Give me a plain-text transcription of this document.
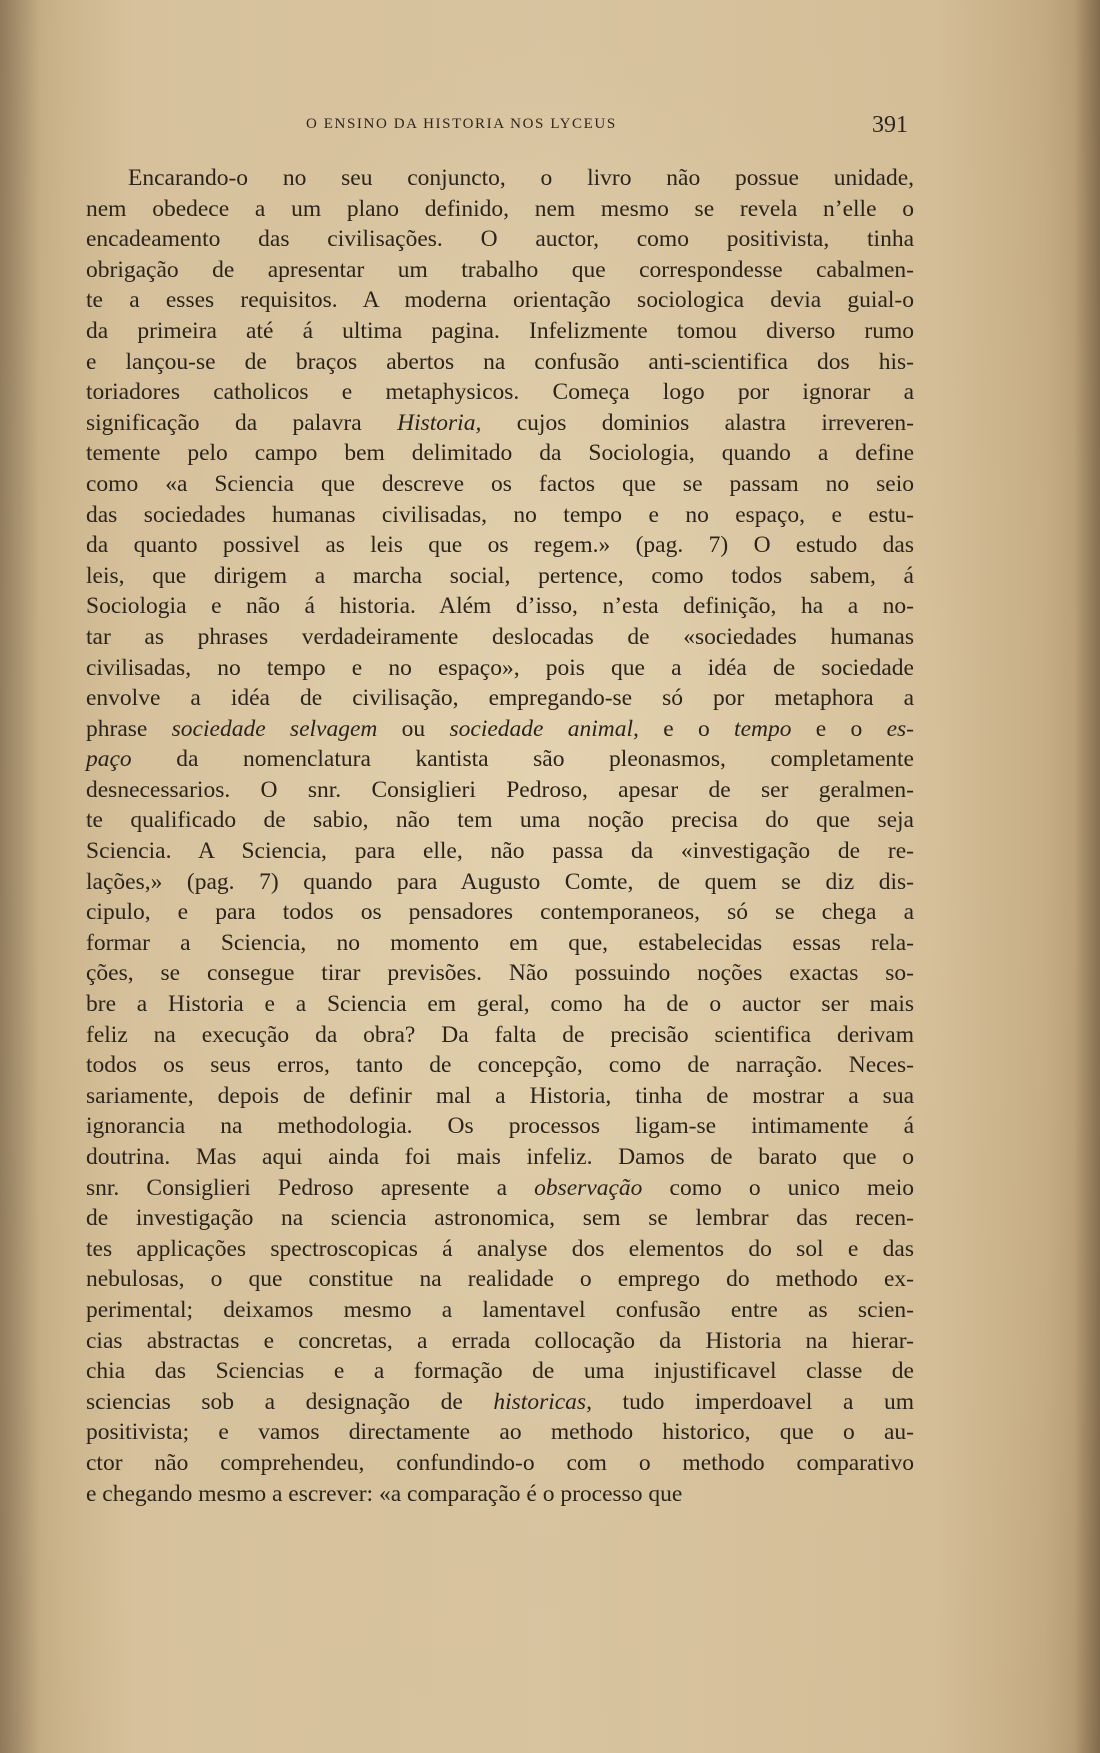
O ENSINO DA HISTORIA NOS LYCEUS	391
Encarando-o no seu conjuncto, o livro não possue unidade,
nem obedece a um plano definido, nem mesmo se revela n’elle o
encadeamento das civilisações. O auctor, como positivista, tinha
obrigação de apresentar um trabalho que correspondesse cabalmen-
te a esses requisitos. A moderna orientação sociologica devia guial-o
da primeira até á ultima pagina. Infelizmente tomou diverso rumo
e lançou-se de braços abertos na confusão anti-scientifica dos his-
toriadores catholicos e metaphysicos. Começa logo por ignorar a
significação da palavra Historia, cujos dominios alastra irreveren-
temente pelo campo bem delimitado da Sociologia, quando a define
como «a Sciencia que descreve os factos que se passam no seio
das sociedades humanas civilisadas, no tempo e no espaço, e estu-
da quanto possivel as leis que os regem.» (pag. 7) O estudo das
leis, que dirigem a marcha social, pertence, como todos sabem, á
Sociologia e não á historia. Além d’isso, n’esta definição, ha a no-
tar as phrases verdadeiramente deslocadas de «sociedades humanas
civilisadas, no tempo e no espaço», pois que a idéa de sociedade
envolve a idéa de civilisação, empregando-se só por metaphora a
phrase sociedade selvagem ou sociedade animal, e o tempo e o es-
paço da nomenclatura kantista são pleonasmos, completamente
desnecessarios. O snr. Consiglieri Pedroso, apesar de ser geralmen-
te qualificado de sabio, não tem uma noção precisa do que seja
Sciencia. A Sciencia, para elle, não passa da «investigação de re-
lações,» (pag. 7) quando para Augusto Comte, de quem se diz dis-
cipulo, e para todos os pensadores contemporaneos, só se chega a
formar a Sciencia, no momento em que, estabelecidas essas rela-
ções, se consegue tirar previsões. Não possuindo noções exactas so-
bre a Historia e a Sciencia em geral, como ha de o auctor ser mais
feliz na execução da obra? Da falta de precisão scientifica derivam
todos os seus erros, tanto de concepção, como de narração. Neces-
sariamente, depois de definir mal a Historia, tinha de mostrar a sua
ignorancia na methodologia. Os processos ligam-se intimamente á
doutrina. Mas aqui ainda foi mais infeliz. Damos de barato que o
snr. Consiglieri Pedroso apresente a observação como o unico meio
de investigação na sciencia astronomica, sem se lembrar das recen-
tes applicações spectroscopicas á analyse dos elementos do sol e das
nebulosas, o que constitue na realidade o emprego do methodo ex-
perimental; deixamos mesmo a lamentavel confusão entre as scien-
cias abstractas e concretas, a errada collocação da Historia na hierar-
chia das Sciencias e a formação de uma injustificavel classe de
sciencias sob a designação de historicas, tudo imperdoavel a um
positivista; e vamos directamente ao methodo historico, que o au-
ctor não comprehendeu, confundindo-o com o methodo comparativo
e chegando mesmo a escrever: «a comparação é o processo que
